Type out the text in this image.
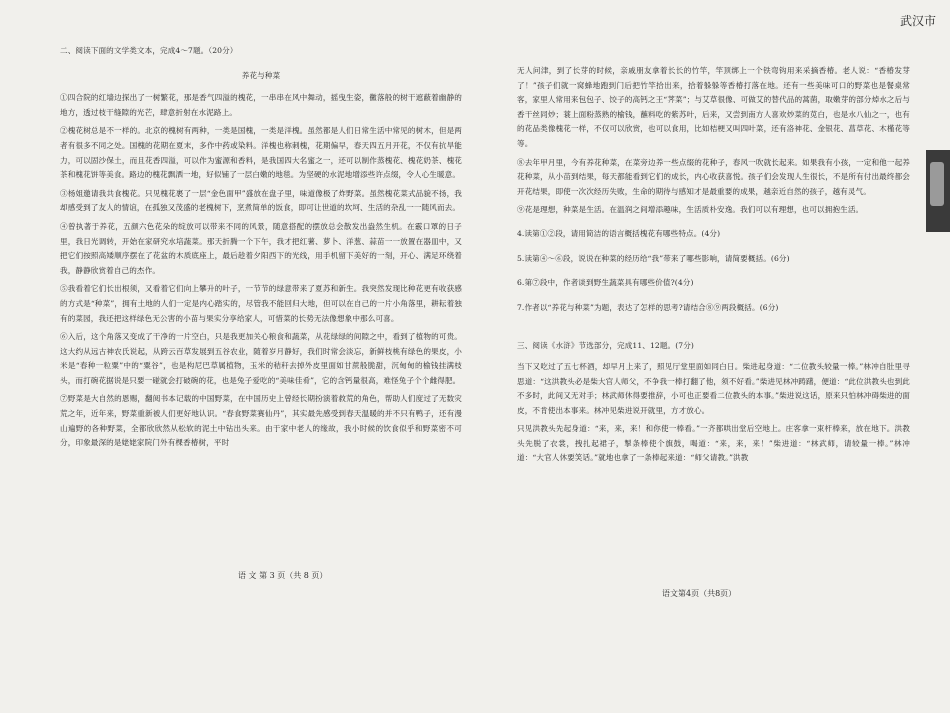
武汉市

二、阅读下面的文学类文本，完成4～7题。（20分）

养花与种菜

①四合院的红墙边探出了一树繁花，那是香气四溢的槐花，一串串在风中舞动，摇曳生姿，黴落般的树干遮蔽着幽静的地方，透过枝干缝隙的光芒，肆意折射在水泥路上。

②槐花树总是不一样的。北京的槐树有两种，一类是国槐，一类是洋槐。虽然都是人们日常生活中常见的树木，但是两者有很多不同之处。国槐的花期在夏末，多作中药或染料。洋槐也称刺槐，花期偏早，春天四五月开花，不仅有抗旱能力，可以固沙保土，而且花香四溢，可以作为蜜源和香料，是我国四大名蜜之一，还可以制作蒸槐花、槐花奶茶、槐花茶和槐花饼等美食。路边的槐花飘洒一地，好似铺了一层白嫩的地毯。为坚硬的水泥地增添些许点缀，令人心生暖意。

③杨姐邀请我共食槐花。只见槐花裹了一层“金色面甲”盛放在盘子里，味道像极了炸野菜。虽然槐花菜式品貌不扬，我却感受到了友人的情谊，在孤独又茂盛的老槐树下，烹煮简单的饭食，即可让世道的坎坷、生活的杂乱一一随风而去。

④曾执著于养花，五颜六色花朵的绽放可以带来不同的风景，随意搭配的摆放总会散发出盎然生机。在霰口罩的日子里，我日光调转，开始在家研究水培蔬菜。那天折腾一个下午，我才把红薯、萝卜、洋葱、蒜苗一一放置在器皿中，又把它们按照高矮顺序摆在了花盆的木质底座上，最后趁着夕阳西下的光线，用手机留下美好的一刻，开心、满足环绕着我，静静欣赏着自己的杰作。

⑤我看着它们长出根须，又看着它们向上攀升的叶子，一节节的绿意带来了夏苏和新生。我突然发现比种花更有收获感的方式是“种菜”，拥有土地的人们一定是内心踏实的，尽管我不能回归大地，但可以在自己的一片小角落里，耕耘着独有的菜园，我还把这样绿色无公害的小苗与果实分享给家人，可惜菜的长势无法像想象中那么可喜。

⑥入后，这个角落又变成了干净的一片空白，只是我更加关心粮食和蔬菜，从花绿绿的间隙之中，看到了植物的可贵。这大约从远古神农氏说起，从跨云百草发展到五谷农业，随着岁月静好，我们时常会淡忘，新鲜枝桃有绿色的果皮，小米是“春种一粒粟”中的“粟谷”，也是构尼巴草属植物，玉米的秸秆去掉外皮里面如甘蔗般脆甜，沉甸甸的榆钱挂满枝头，而打碗花据说是只要一碰就会打破碗的花，也是兔子爱吃的“美味佳肴”，它的含钙量很高，难怪兔子个个雌得肥。

⑦野菜是大自然的恩赐，翻阅书本记载的中国野菜，在中国历史上曾经长期扮演着救荒的角色，帮助人们度过了无数灾荒之年，近年来，野菜重新被人们更好地认识。“春食野菜赛仙丹”，其实最先感受到春天温暖的并不只有鸭子，还有漫山遍野的各种野菜，全都欣欣然从松软的泥土中钻出头来。由于家中老人的缘故，我小时候的饮食似乎和野菜密不可分，印象最深的是姥姥家院门外有棵香椿树，平时

语 文 第 3 页（共 8 页）

无人问津，到了长芽的时候，亲戚朋友拿着长长的竹竿，竿顶绑上一个铁弯钩用来采摘香椿。老人说：“香椿发芽了！”孩子们就一窝蜂地跑到门后把竹竿拾出来，拾着躲躲等香椿打落在地。还有一些美味可口的野菜也是餐桌常客，家里人常用来包包子、饺子的高钙之王“荠菜”；与艾草很像、可做艾的替代品的蒿菌，取嫩芽的部分焯水之后与香干丝同炒；蓑上面粉蒸熟的榆钱，蘸料吃的紫苏叶，后来，又尝到南方人喜欢炒菜的苋白，也是水八仙之一，也有的花品类像槐花一样，不仅可以欣赏，也可以食用，比如桔梗又叫四叶菜，还有洛神花、金银花、菖草花、木槿花等等。

⑧去年甲月里，今有养花种菜，在菜旁边养一些点缀的花种子，春风一吹就长起来。如果我有小孩，一定和他一起养花种菜，从小苗到结果，每天都能看到它们的成长，内心收获喜悦。孩子们会发现人生很长，不是所有付出最终都会开花结果，即使一次次经历失败，生命的期待与感知才是最重要的成果，越亲近自然的孩子，越有灵气。

⑨花是理想，种菜是生活。在温润之间增添趣味，生活质朴安逸。我们可以有理想，也可以拥抱生活。

4.读第①②段，请用简洁的语言概括槐花有哪些特点。(4分)

5.读第④～⑥段，说说在种菜的经历给“我”带来了哪些影响，请简要概括。(6分)

6.第⑦段中，作者谈到野生蔬菜具有哪些价值?(4分)

7.作者以“养花与种菜”为题，表达了怎样的思考?请结合⑧⑨两段概括。(6分)

三、阅读《水浒》节选部分，完成11、12题。(7分)

当下又吃过了五七杯酒，却早月上来了，照见厅堂里面如同白日。柴进起身道：“二位教头较量一棒。”林冲自肚里寻思道：“这洪教头必是柴大官人师父，不争我一棒打翻了他，须不好看。”柴进见林冲踌躇，便道：“此位洪教头也到此不多时，此间又无对手；林武师休得要推辞，小可也正要看二位教头的本事。”柴进说这话，原来只怕林冲碍柴进的面皮，不肯使出本事来。林冲见柴进说开就里，方才放心。

只见洪教头先起身道：“来，来，来！和你使一棒看。”一齐都哄出堂后空地上。庄客拿一束杆棒来，放在地下。洪教头先脱了衣裳，拽扎起裙子，掣条棒使个旗鼓，喝道：“来，来，来！”柴进道：“林武师，请较量一棒。”林冲道：“大官人休要笑话。”就地也拿了一条棒起来道：“师父请教。”洪教

语文第4页（共8页）
